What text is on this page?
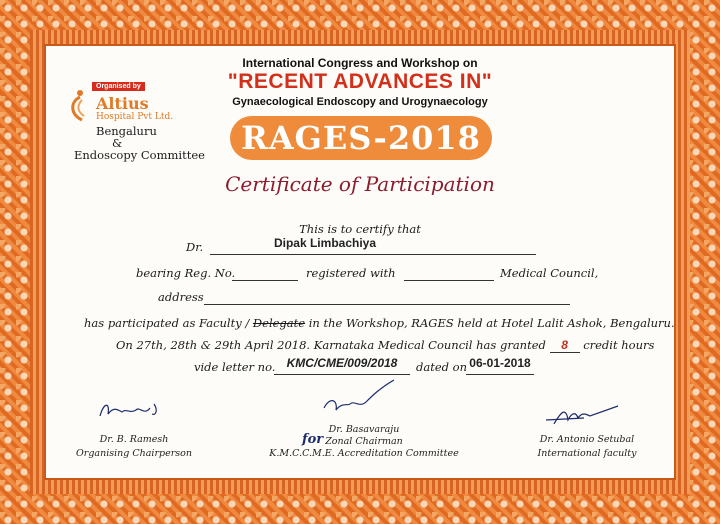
Organised by
Altius
Hospital Pvt Ltd.
Bengaluru
&
Endoscopy Committee
International Congress and Workshop on
"RECENT ADVANCES IN"
Gynaecological Endoscopy and Urogynaecology
RAGES-2018
Certificate of Participation
This is to certify that
Dr.	Dipak Limbachiya
bearing Reg. No.	registered with	Medical Council,
address
has participated as Faculty / Delegate in the Workshop, RAGES held at Hotel Lalit Ashok, Bengaluru.
On 27th, 28th & 29th April 2018. Karnataka Medical Council has granted 8 credit hours
vide letter no. KMC/CME/009/2018	dated on 06-01-2018
Dr. B. Ramesh
Organising Chairperson
Dr. Basavaraju
for Zonal Chairman
K.M.C.C.M.E. Accreditation Committee
Dr. Antonio Setubal
International faculty
